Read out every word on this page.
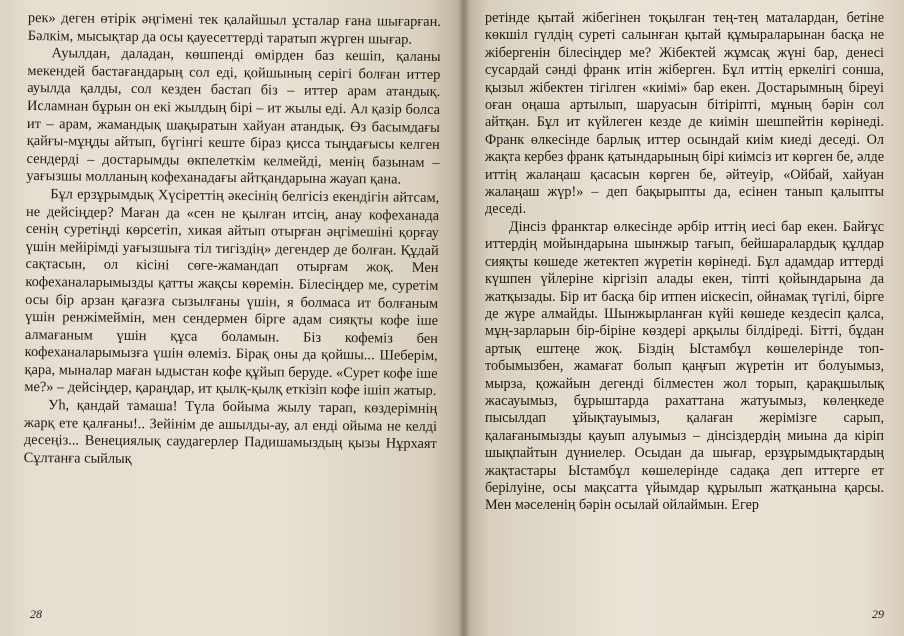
рек» деген өтірік әңгімені тек қалайшыл ұсталар ғана шығарған. Бәлкім, мысықтар да осы қауесеттерді таратып жүрген шығар.

Ауылдан, даладан, көшпенді өмірден баз кешіп, қаланы мекендей бастағандарың сол еді, қойшының серігі болған иттер ауылда қалды, сол кезден бастап біз – иттер арам атандық. Исламнан бұрын он екі жылдың бірі – ит жылы еді. Ал қазір болса ит – арам, жамандық шақыратын хайуан атандық. Өз басымдағы қайғы-мұңды айтып, бүгінгі кеште біраз қисса тыңдағысы келген сендерді – достарымды өкпелеткім келмейді, менің базынам – уағызшы молланың кофеханадағы айтқандарына жауап қана.

Бұл ерзұрымдық Хүсіреттің әкесінің белгісіз екендігін айтсам, не дейсіңдер? Маған да «сен не қылған итсің, анау кофеханада сенің суретіңді көрсетіп, хикая айтып отырған әңгімешіні қорғау үшін мейірімді уағызшыға тіл тигіздің» дегендер де болған. Құдай сақтасын, ол кісіні сөге-жамандап отырғам жоқ. Мен кофеханаларымызды қатты жақсы көремін. Білесіңдер ме, суретім осы бір арзан қағазға сызылғаны үшін, я болмаса ит болғаным үшін ренжімеймін, мен сендермен бірге адам сияқты кофе іше алмағаным үшін құса боламын. Біз кофеміз бен кофеханаларымызға үшін өлеміз. Бірақ оны да қойшы... Шеберім, қара, мыналар маған ыдыстан кофе құйып беруде. «Сурет кофе іше ме?» – дейсіңдер, қараңдар, ит қылқ-қылқ еткізіп кофе ішіп жатыр.

Уһ, қандай тамаша! Түла бойыма жылу тарап, көздерімнің жарқ ете қалғаны!.. Зейінім де ашылды-ау, ал енді ойыма не келді десеңіз... Венециялық саудагерлер Падишамыздың қызы Нұрхаят Сұлтанға сыйлық

28

ретінде қытай жібегінен тоқылған тең-тең маталардан, бетіне көкшіл гүлдің суреті салынған қытай құмыраларынан басқа не жібергенін білесіңдер ме? Жібектей жұмсақ жүні бар, денесі сусардай сәнді франк итін жіберген. Бұл иттің еркелігі соншa, қызыл жібектен тігілген «киімі» бар екен. Достарымның біреуі оған оңаша артылып, шаруасын бітіріпті, мұның бәрін сол айтқан. Бұл ит күйлеген кезде де киімін шешпейтін көрінеді. Франк өлкесінде барлық иттер осындай киім киеді деседі. Ол жақта кербез франк қатындарының бірі киімсіз ит көрген бе, әлде иттің жалаңаш қасасын көрген бе, әйтеуір, «Ойбай, хайуан жалаңаш жүр!» – деп бақырыпты да, есінен танып қалыпты деседі.

Дінсіз франктар өлкесінде әрбір иттің иесі бар екен. Байғұс иттердің мойындарына шынжыр тағып, бейшаралардық құлдар сияқты көшеде жетектеп жүретін көрінеді. Бұл адамдар иттерді күшпен үйлеріне кіргізіп алады екен, тіпті қойындарына да жатқызады. Бір ит басқа бір итпен иіскесіп, ойнамақ түгілі, бірге де жүре алмайды. Шынжырланған күйі көшеде кездесіп қалса, мұң-зарларын бір-біріне көздері арқылы білдіреді. Бітті, бұдан артық ештеңе жоқ. Біздің Ыстамбұл көшелеріндe топ-тобымызбен, жамағат болып қаңғып жүретін ит болуымыз, мырза, қожайын дегенді білместен жол торып, қарақшылық жасауымыз, бұрыштарда рахаттана жатуымыз, көлеңкеде пысылдап ұйықтауымыз, қалаған жерімізге сарып, қалағанымызды қауып алуымыз – дінсіздердің миына да кіріп шықпайтын дүниелер. Осыдан да шығар, ерзұрымдықтардың жақтастары Ыстамбұл көшелерінде садақа деп иттерге ет берілуіне, осы мақсатта үйымдар құрылып жатқанына қарсы. Мен мәселенің бәрін осылай ойлаймын. Егер

29
